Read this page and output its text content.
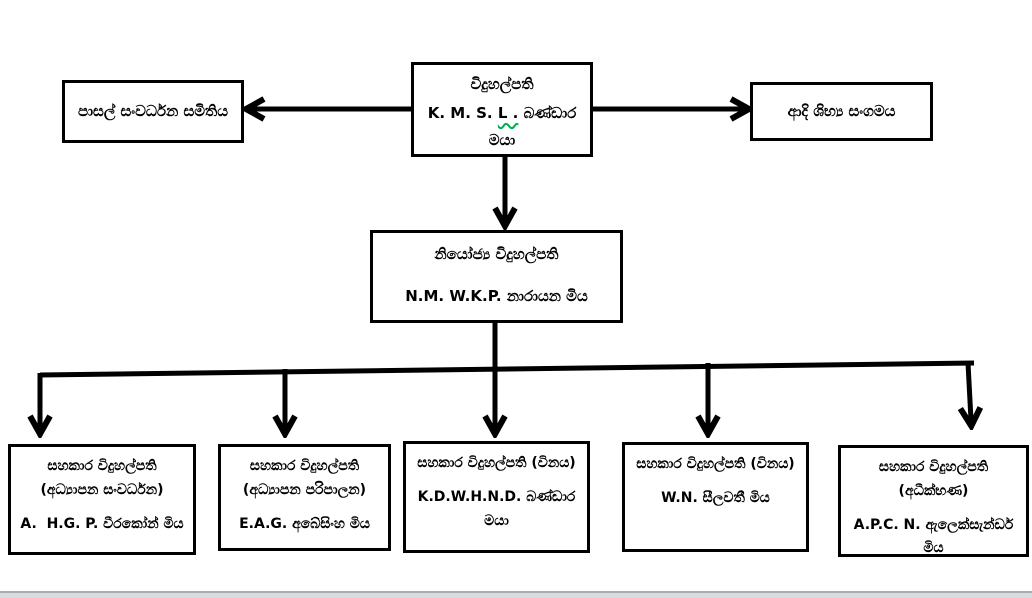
පාසල් සංවර්ධන සමිතිය
විදුහල්පති
K. M. S. L . බණ්ඩාර මයා
ආදි ශිභ්‍ය සංගමය
නියෝජ්‍ය විදුහල්පති
N.M. W.K.P. නාරායන මිය
සහකාර විදුහල්පති
(අධ්‍යාපන සංවර්ධන)
A.  H.G. P. වීරකෝන් මිය
සහකාර විදුහල්පති
(අධ්‍යාපන පරිපාලන)
E.A.G. අබේසිංහ මිය
සහකාර විදුහල්පති (විනය)
K.D.W.H.N.D. බණ්ඩාර මයා
සහකාර විදුහල්පති (විනය)
W.N. සීලවතී මිය
සහකාර විදුහල්පති
(අධීක්භණ)
A.P.C. N. ඇලෙක්සැන්ඩර් මිය
